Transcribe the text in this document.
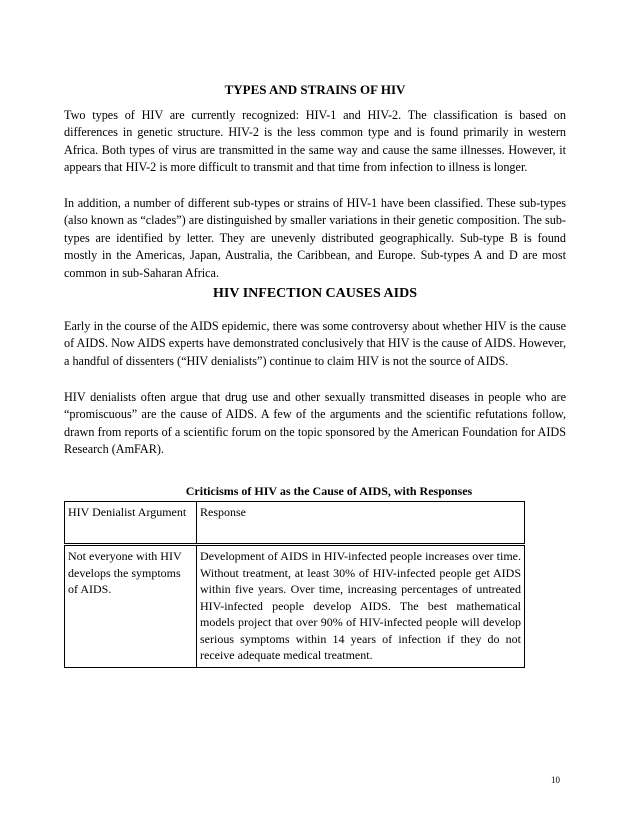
TYPES AND STRAINS OF HIV

Two types of HIV are currently recognized: HIV-1 and HIV-2. The classification is based on differences in genetic structure. HIV-2 is the less common type and is found primarily in western Africa. Both types of virus are transmitted in the same way and cause the same illnesses. However, it appears that HIV-2 is more difficult to transmit and that time from infection to illness is longer.

In addition, a number of different sub-types or strains of HIV-1 have been classified. These sub-types (also known as “clades”) are distinguished by smaller variations in their genetic composition. The sub-types are identified by letter. They are unevenly distributed geographically. Sub-type B is found mostly in the Americas, Japan, Australia, the Caribbean, and Europe. Sub-types A and D are most common in sub-Saharan Africa.

HIV INFECTION CAUSES AIDS

Early in the course of the AIDS epidemic, there was some controversy about whether HIV is the cause of AIDS. Now AIDS experts have demonstrated conclusively that HIV is the cause of AIDS. However, a handful of dissenters (“HIV denialists”) continue to claim HIV is not the source of AIDS.

HIV denialists often argue that drug use and other sexually transmitted diseases in people who are “promiscuous” are the cause of AIDS. A few of the arguments and the scientific refutations follow, drawn from reports of a scientific forum on the topic sponsored by the American Foundation for AIDS Research (AmFAR).

Criticisms of HIV as the Cause of AIDS, with Responses

HIV Denialist Argument	Response
Not everyone with HIV develops the symptoms of AIDS.	Development of AIDS in HIV-infected people increases over time. Without treatment, at least 30% of HIV-infected people get AIDS within five years. Over time, increasing percentages of untreated HIV-infected people develop AIDS. The best mathematical models project that over 90% of HIV-infected people will develop serious symptoms within 14 years of infection if they do not receive adequate medical treatment.

10
